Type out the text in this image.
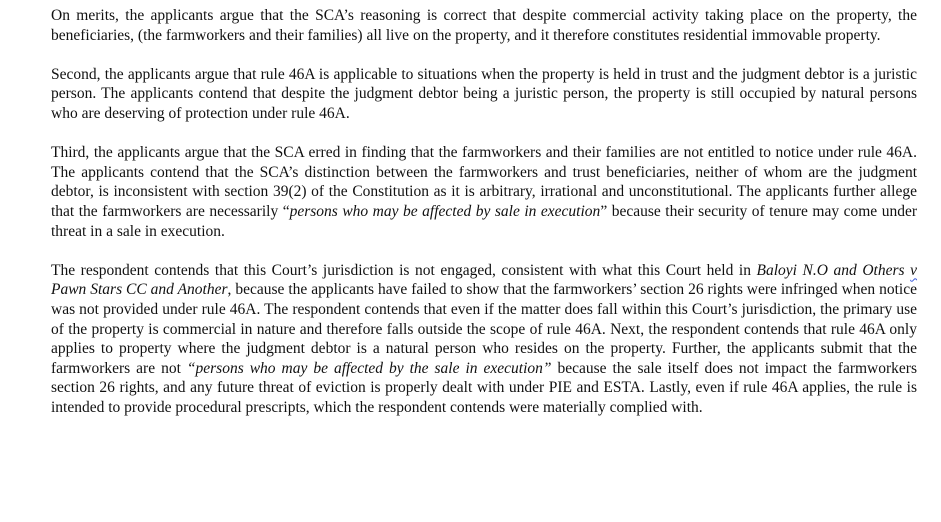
On merits, the applicants argue that the SCA’s reasoning is correct that despite commercial activity taking place on the property, the beneficiaries, (the farmworkers and their families) all live on the property, and it therefore constitutes residential immovable property.

Second, the applicants argue that rule 46A is applicable to situations when the property is held in trust and the judgment debtor is a juristic person. The applicants contend that despite the judgment debtor being a juristic person, the property is still occupied by natural persons who are deserving of protection under rule 46A.

Third, the applicants argue that the SCA erred in finding that the farmworkers and their families are not entitled to notice under rule 46A. The applicants contend that the SCA’s distinction between the farmworkers and trust beneficiaries, neither of whom are the judgment debtor, is inconsistent with section 39(2) of the Constitution as it is arbitrary, irrational and unconstitutional. The applicants further allege that the farmworkers are necessarily “persons who may be affected by sale in execution” because their security of tenure may come under threat in a sale in execution.

The respondent contends that this Court’s jurisdiction is not engaged, consistent with what this Court held in Baloyi N.O and Others v Pawn Stars CC and Another, because the applicants have failed to show that the farmworkers’ section 26 rights were infringed when notice was not provided under rule 46A. The respondent contends that even if the matter does fall within this Court’s jurisdiction, the primary use of the property is commercial in nature and therefore falls outside the scope of rule 46A. Next, the respondent contends that rule 46A only applies to property where the judgment debtor is a natural person who resides on the property. Further, the applicants submit that the farmworkers are not “persons who may be affected by the sale in execution” because the sale itself does not impact the farmworkers section 26 rights, and any future threat of eviction is properly dealt with under PIE and ESTA. Lastly, even if rule 46A applies, the rule is intended to provide procedural prescripts, which the respondent contends were materially complied with.
